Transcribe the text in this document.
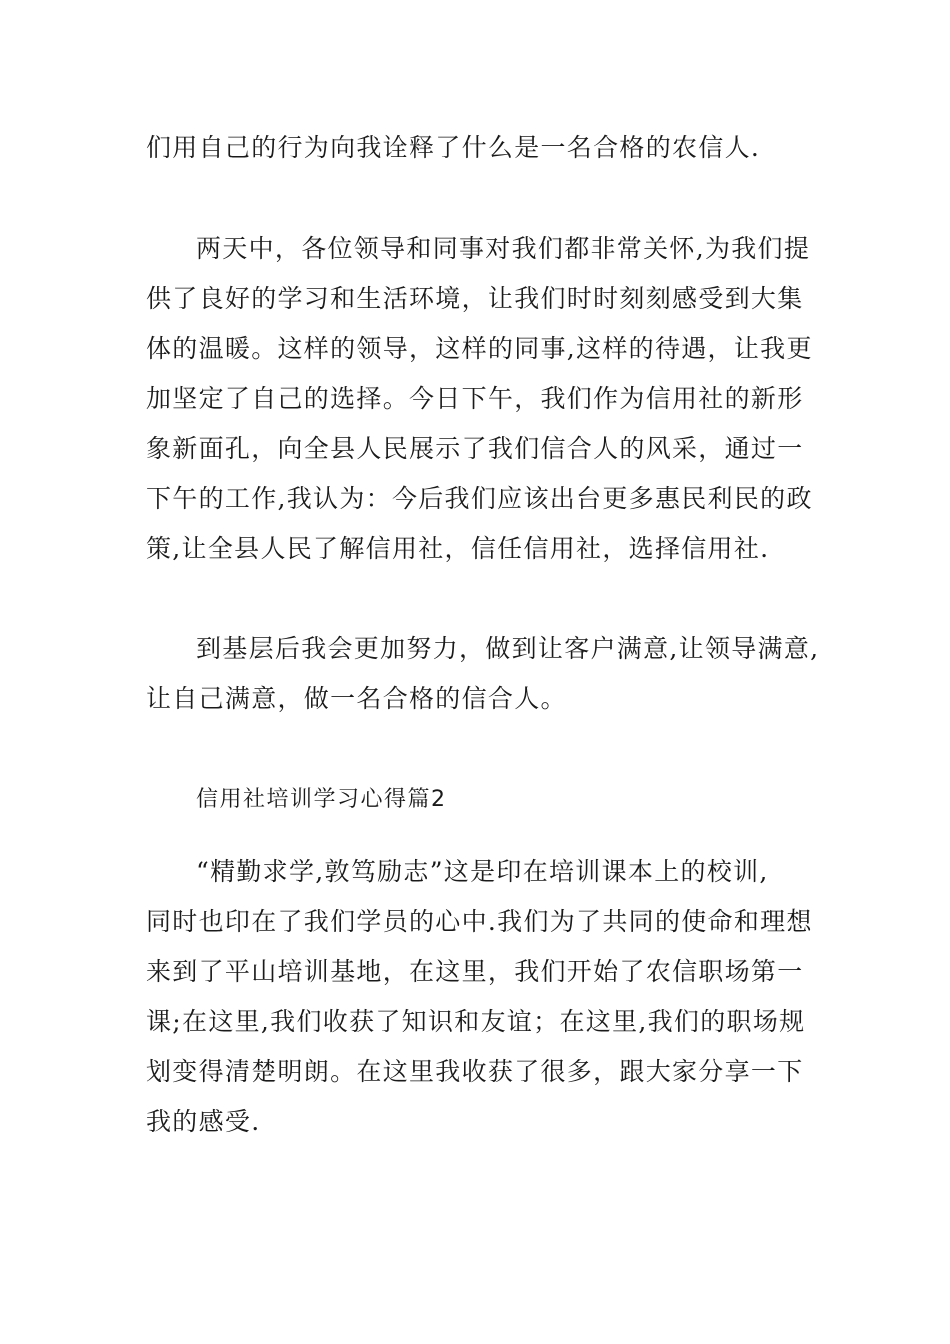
们用自己的行为向我诠释了什么是一名合格的农信人.
两天中，各位领导和同事对我们都非常关怀,为我们提
供了良好的学习和生活环境，让我们时时刻刻感受到大集
体的温暖。这样的领导，这样的同事,这样的待遇，让我更
加坚定了自己的选择。今日下午，我们作为信用社的新形
象新面孔，向全县人民展示了我们信合人的风采，通过一
下午的工作,我认为：今后我们应该出台更多惠民利民的政
策,让全县人民了解信用社，信任信用社，选择信用社.
到基层后我会更加努力，做到让客户满意,让领导满意,
让自己满意，做一名合格的信合人。
信用社培训学习心得篇2
“精勤求学,敦笃励志”这是印在培训课本上的校训,
同时也印在了我们学员的心中.我们为了共同的使命和理想
来到了平山培训基地，在这里，我们开始了农信职场第一
课;在这里,我们收获了知识和友谊；在这里,我们的职场规
划变得清楚明朗。在这里我收获了很多，跟大家分享一下
我的感受.
